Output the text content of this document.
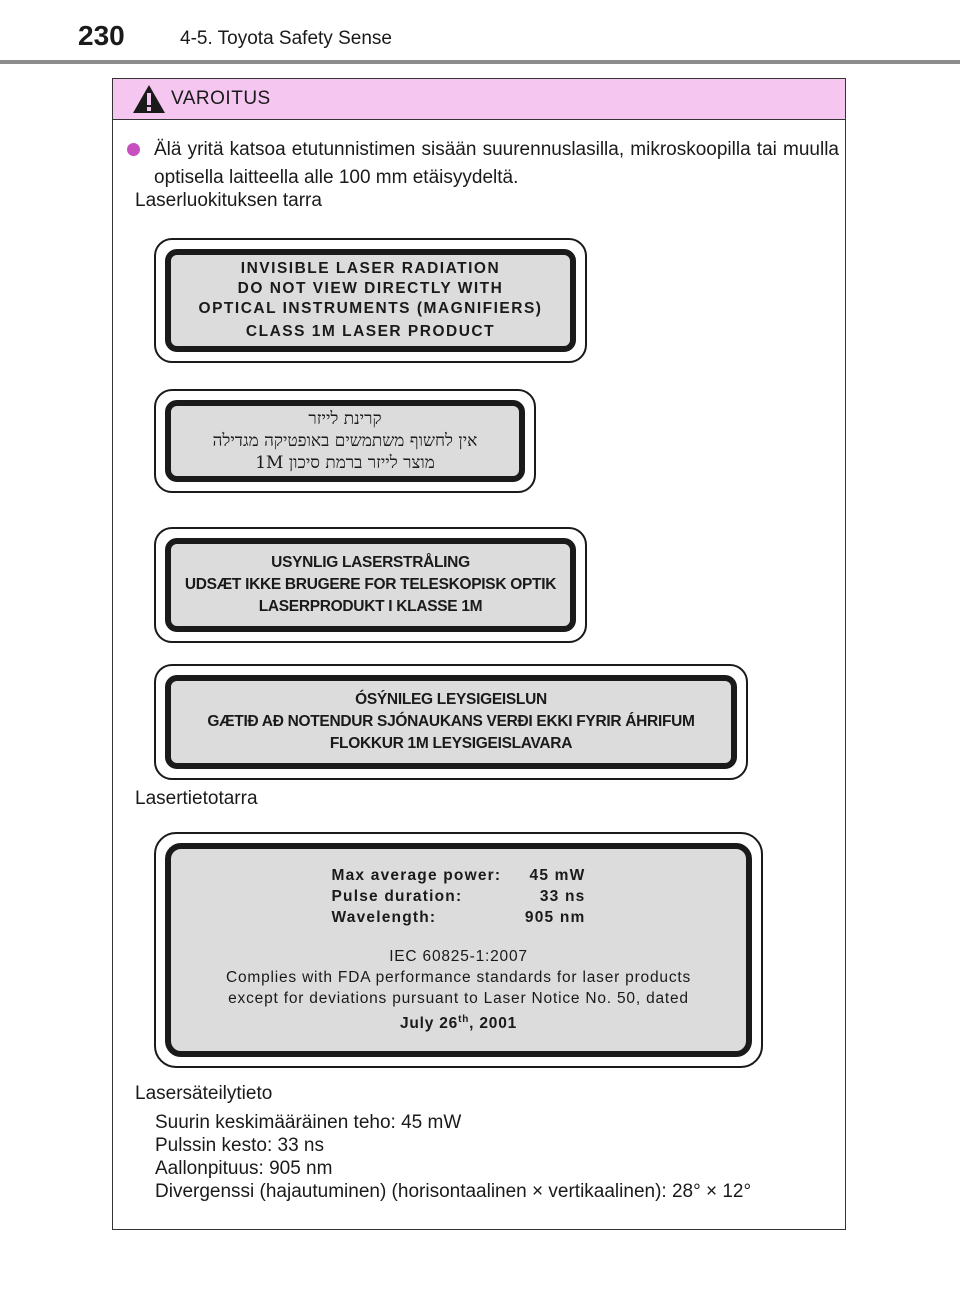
230	4-5. Toyota Safety Sense
VAROITUS
Älä yritä katsoa etutunnistimen sisään suurennuslasilla, mikroskoopilla tai muulla optisella laitteella alle 100 mm etäisyydeltä.
Laserluokituksen tarra
INVISIBLE LASER RADIATION
DO NOT VIEW DIRECTLY WITH
OPTICAL INSTRUMENTS (MAGNIFIERS)
CLASS 1M LASER PRODUCT
קרינת לייזר
אין לחשוף משתמשים באופטיקה מגדילה
מוצר לייזר ברמת סיכון 1M
USYNLIG LASERSTRÅLING
UDSÆT IKKE BRUGERE FOR TELESKOPISK OPTIK
LASERPRODUKT I KLASSE 1M
ÓSÝNILEG LEYSIGEISLUN
GÆTIÐ AÐ NOTENDUR SJÓNAUKANS VERÐI EKKI FYRIR ÁHRIFUM
FLOKKUR 1M LEYSIGEISLAVARA
Lasertietotarra
Max average power:	45 mW
Pulse duration:	33 ns
Wavelength:	905 nm
IEC 60825-1:2007
Complies with FDA performance standards for laser products
except for deviations pursuant to Laser Notice No. 50, dated
July 26th, 2001
Lasersäteilytieto
Suurin keskimääräinen teho: 45 mW
Pulssin kesto: 33 ns
Aallonpituus: 905 nm
Divergenssi (hajautuminen) (horisontaalinen × vertikaalinen): 28° × 12°
